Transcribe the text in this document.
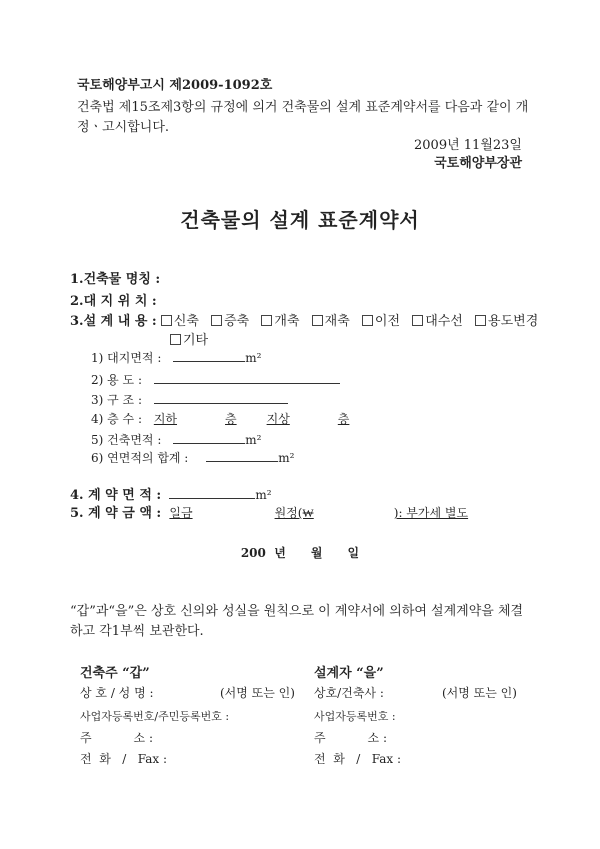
국토해양부고시 제2009-1092호
건축법 제15조제3항의 규정에 의거 건축물의 설계 표준계약서를 다음과 같이 개
정ㆍ고시합니다.
2009년 11월23일
국토해양부장관
건축물의 설계 표준계약서
1.건축물 명칭 :
2.대 지 위 치 :
3.설 계 내 용 : 신축 증축 개축 재축 이전 대수선 용도변경
기타
1) 대지면적 :	m²
2) 용 도 :
3) 구 조 :
4) 층 수 : 지하	층	지상	층
5) 건축면적 :	m²
6) 연면적의 합계 :	m²
4. 계 약 면 적 :	m²
5. 계 약 금 액 : 일금	원정(₩	): 부가세 별도
200  년      월      일
“갑”과“을”은 상호 신의와 성실을 원칙으로 이 계약서에 의하여 설계계약을 체결
하고 각1부씩 보관한다.
건축주 “갑”
상 호 / 성 명 :	(서명 또는 인)
사업자등록번호/주민등록번호 :
주           소 :
전  화   /   Fax :
설계자 “을”
상호/건축사 :	(서명 또는 인)
사업자등록번호 :
주           소 :
전  화   /   Fax :
